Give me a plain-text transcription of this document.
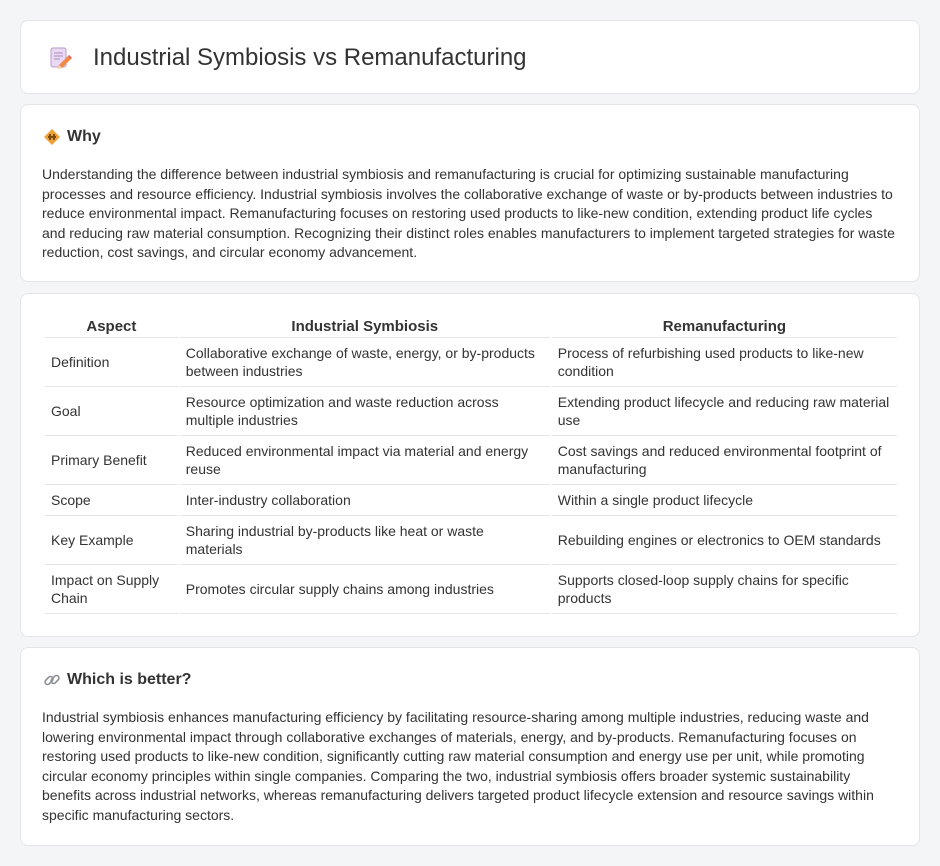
Industrial Symbiosis vs Remanufacturing
Why

Understanding the difference between industrial symbiosis and remanufacturing is crucial for optimizing sustainable manufacturing processes and resource efficiency. Industrial symbiosis involves the collaborative exchange of waste or by-products between industries to reduce environmental impact. Remanufacturing focuses on restoring used products to like-new condition, extending product life cycles and reducing raw material consumption. Recognizing their distinct roles enables manufacturers to implement targeted strategies for waste reduction, cost savings, and circular economy advancement.

Aspect	Industrial Symbiosis	Remanufacturing
Definition	Collaborative exchange of waste, energy, or by-products between industries	Process of refurbishing used products to like-new condition
Goal	Resource optimization and waste reduction across multiple industries	Extending product lifecycle and reducing raw material use
Primary Benefit	Reduced environmental impact via material and energy reuse	Cost savings and reduced environmental footprint of manufacturing
Scope	Inter-industry collaboration	Within a single product lifecycle
Key Example	Sharing industrial by-products like heat or waste materials	Rebuilding engines or electronics to OEM standards
Impact on Supply Chain	Promotes circular supply chains among industries	Supports closed-loop supply chains for specific products
Which is better?

Industrial symbiosis enhances manufacturing efficiency by facilitating resource-sharing among multiple industries, reducing waste and lowering environmental impact through collaborative exchanges of materials, energy, and by-products. Remanufacturing focuses on restoring used products to like-new condition, significantly cutting raw material consumption and energy use per unit, while promoting circular economy principles within single companies. Comparing the two, industrial symbiosis offers broader systemic sustainability benefits across industrial networks, whereas remanufacturing delivers targeted product lifecycle extension and resource savings within specific manufacturing sectors.
